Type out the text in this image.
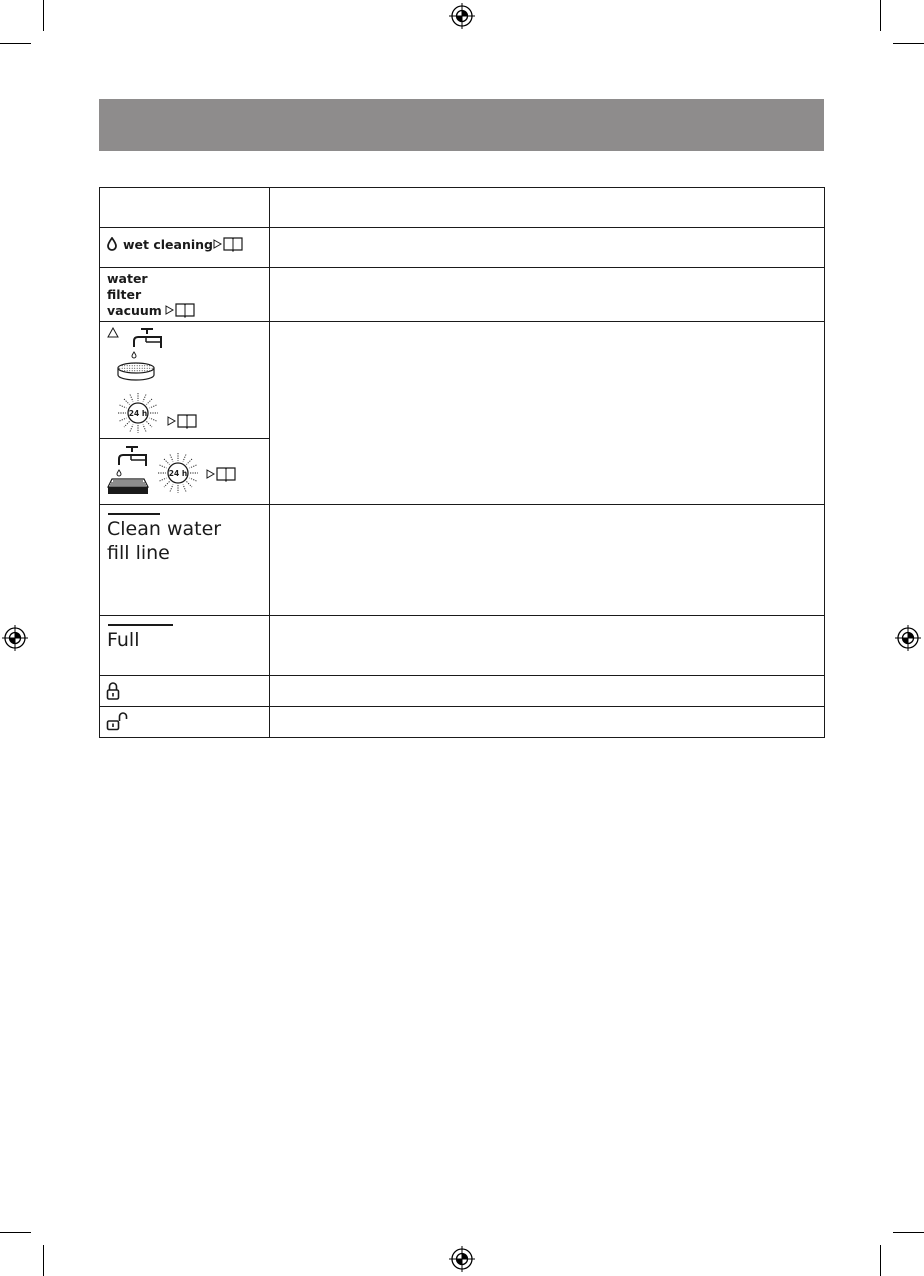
wet cleaning	

water
filter
vacuum	

24 h	

24 h	

Clean water
fill line	

Full	
